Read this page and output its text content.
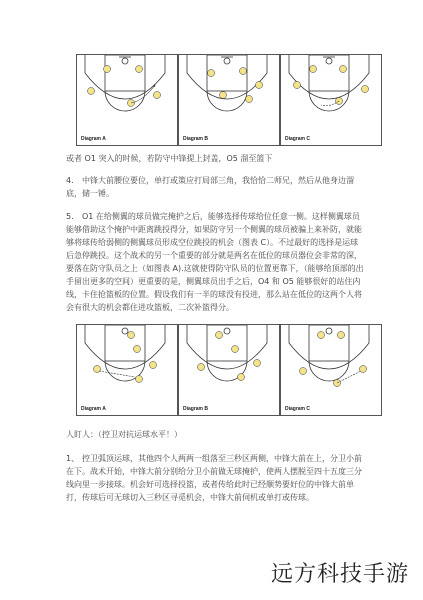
Diagram A	Diagram B	Diagram C
或者 O1 突入的时候，若防守中锋提上封盖，O5 溜至篮下
4. 中锋大前腰位要位，单打或策应打局部三角，我恰恰二师兄，然后从他身边溜底，储一锤。
5. O1 在给侧翼的球员做完掩护之后，能够选择传球给位任意一侧。这样侧翼球员能够借助这个掩护中距离跳投得分，如果防守另一个侧翼的球员被骗上来补防，就能够将球传给弱侧的侧翼球员形成空位跳投的机会（图表 C）。不过最好的选择是运球后急停跳投。这个战术的另一个重要的部分就是两名在低位的球员器位会非常的深，要落在防守队员之上（如图表 A).这就使得防守队员的位置更靠下，（能够给顶部的出手留出更多的空间）更重要的是，侧翼球员出手之后，O4 和 O5 能够很好的站住内线，卡住抢篮板的位置。假设我们有一半的球没有投进，那么站在低位的这两个人将会有很大的机会都住进攻篮板，二次补篮得分。
Diagram A	Diagram B	Diagram C
人盯人：（控卫对抗运球水平！）
1、 控卫弧顶运球，其他四个人两两一组落至三秒区两侧，中锋大前在上，分卫小前在下。战术开始，中锋大前分别给分卫小前做无球掩护，使两人摆脱至四十五度三分线向里一步接球。机会好可选择投篮，或者传给此时已经顺势要好位的中锋大前单打，传球后可无球切入三秒区寻觅机会，中锋大前伺机或单打或传球。
远方科技手游
